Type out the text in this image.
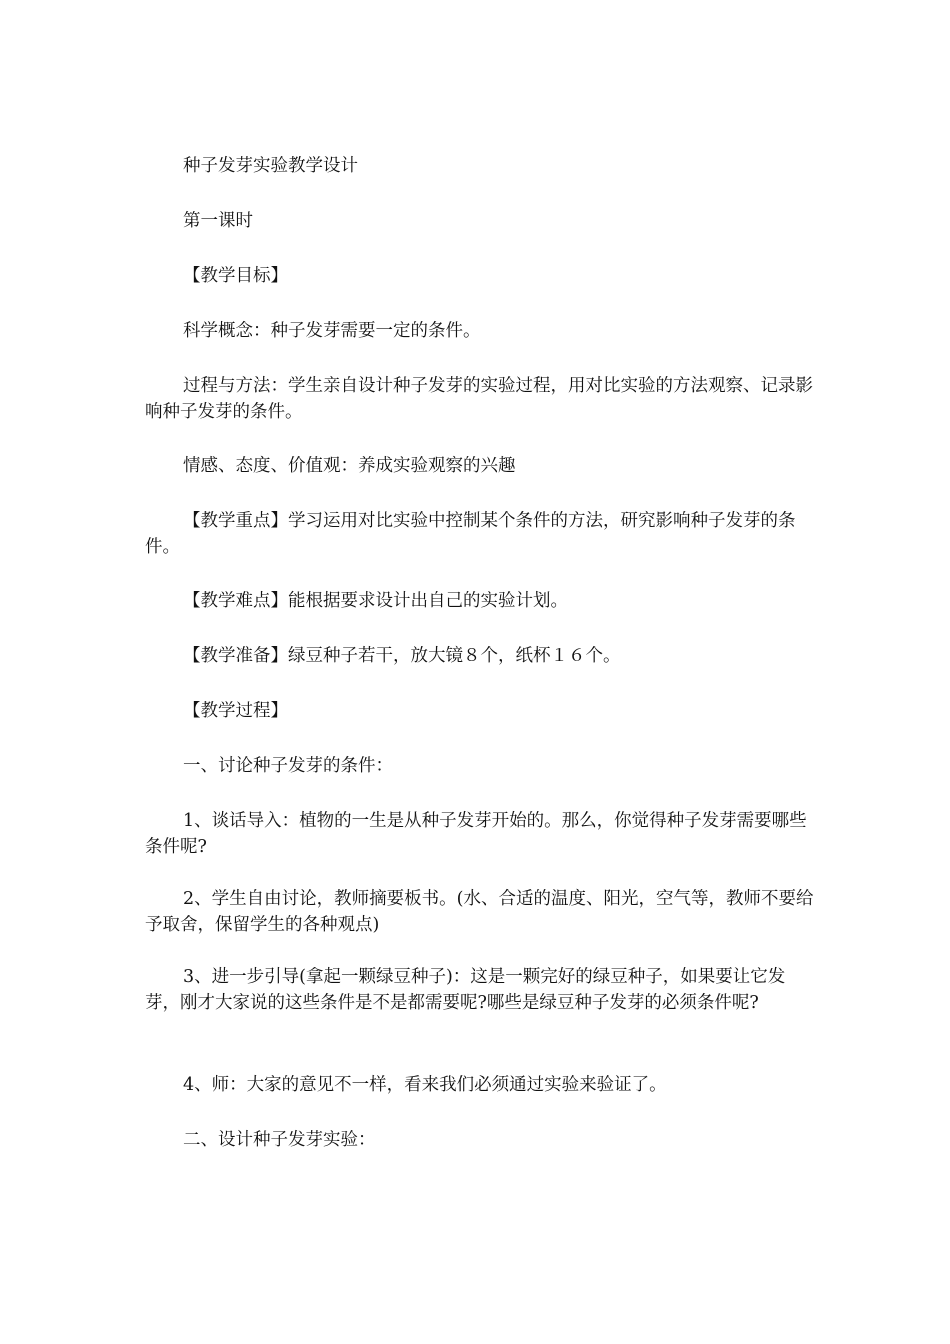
种子发芽实验教学设计

第一课时

【教学目标】

科学概念：种子发芽需要一定的条件。

过程与方法：学生亲自设计种子发芽的实验过程，用对比实验的方法观察、记录影响种子发芽的条件。

情感、态度、价值观：养成实验观察的兴趣

【教学重点】学习运用对比实验中控制某个条件的方法，研究影响种子发芽的条件。

【教学难点】能根据要求设计出自己的实验计划。

【教学准备】绿豆种子若干，放大镜８个，纸杯１６个。

【教学过程】

一、讨论种子发芽的条件：

1、谈话导入：植物的一生是从种子发芽开始的。那么，你觉得种子发芽需要哪些条件呢?

2、学生自由讨论，教师摘要板书。(水、合适的温度、阳光，空气等，教师不要给予取舍，保留学生的各种观点)

3、进一步引导(拿起一颗绿豆种子)：这是一颗完好的绿豆种子，如果要让它发芽，刚才大家说的这些条件是不是都需要呢?哪些是绿豆种子发芽的必须条件呢?

4、师：大家的意见不一样，看来我们必须通过实验来验证了。

二、设计种子发芽实验：
